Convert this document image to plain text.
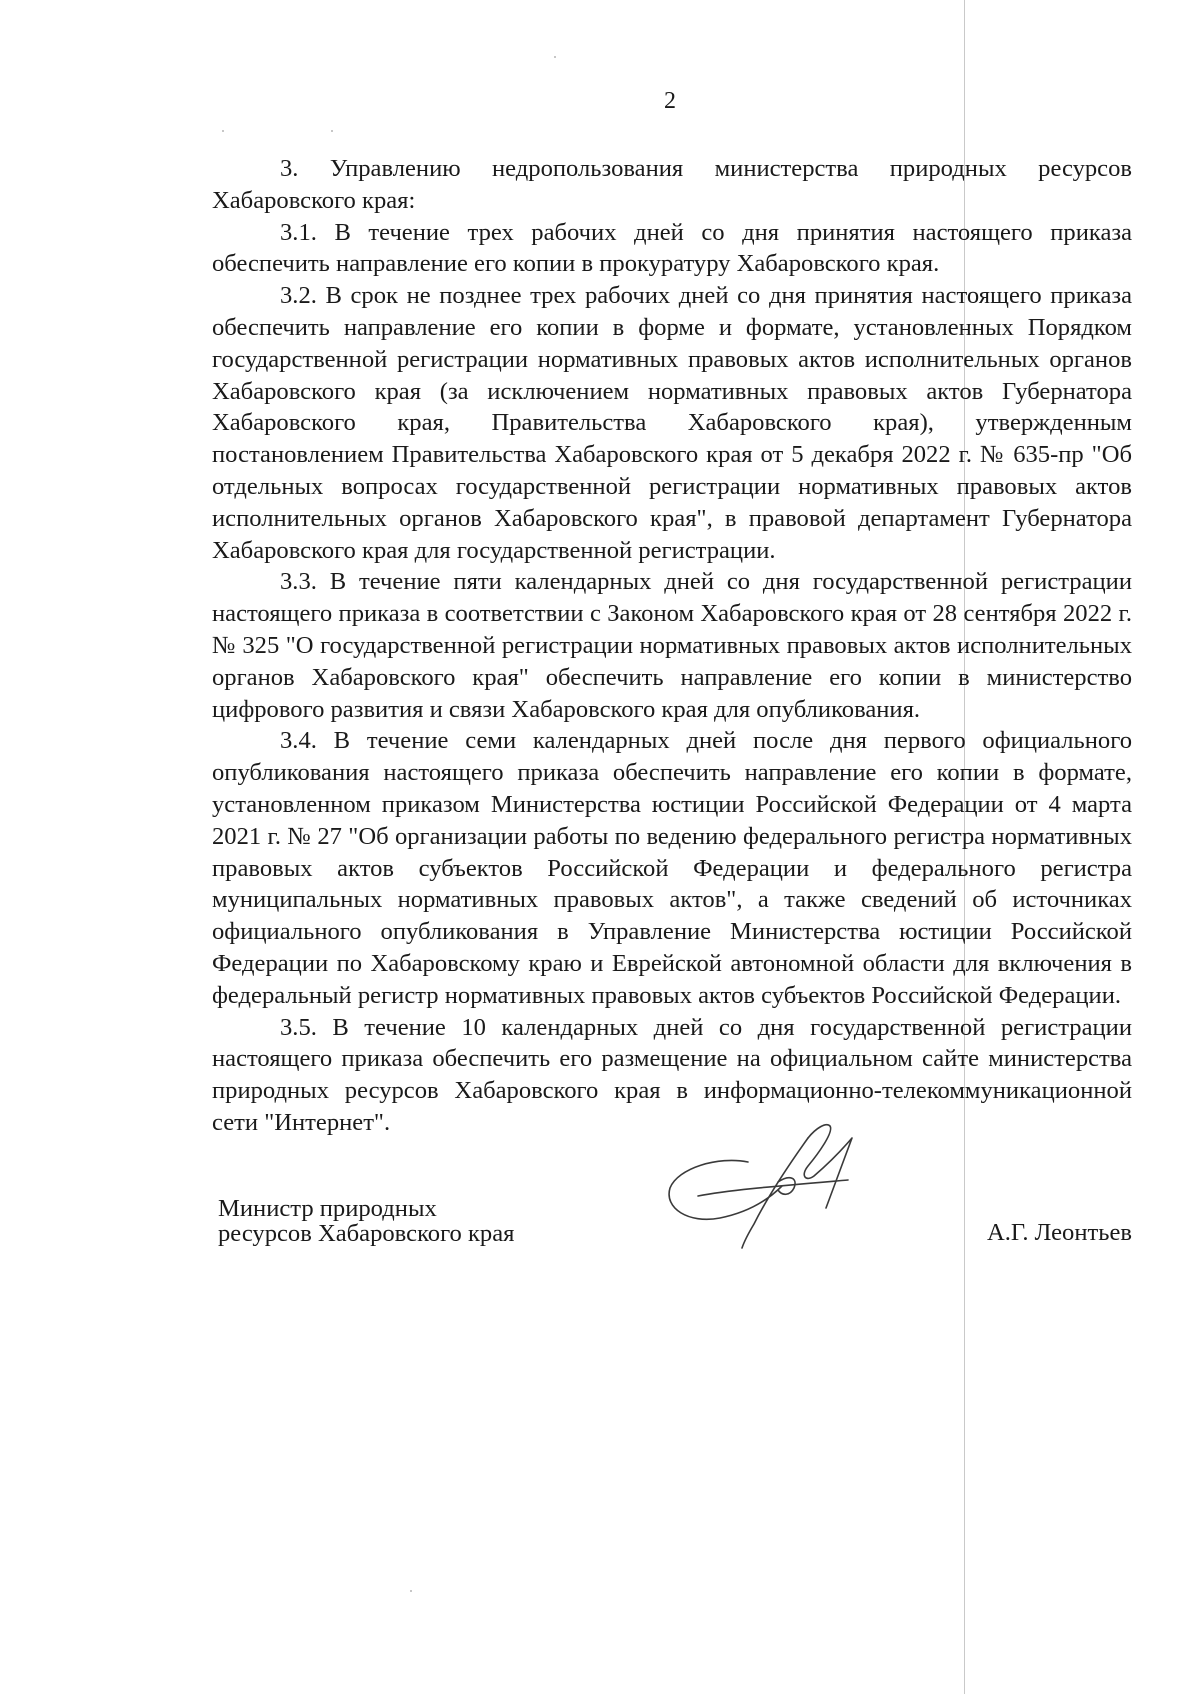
2

3. Управлению недропользования министерства природных ресурсов Хабаровского края:

3.1. В течение трех рабочих дней со дня принятия настоящего приказа обеспечить направление его копии в прокуратуру Хабаровского края.

3.2. В срок не позднее трех рабочих дней со дня принятия настоящего приказа обеспечить направление его копии в форме и формате, установленных Порядком государственной регистрации нормативных правовых актов исполнительных органов Хабаровского края (за исключением нормативных правовых актов Губернатора Хабаровского края, Правительства Хабаровского края), утвержденным постановлением Правительства Хабаровского края от 5 декабря 2022 г. № 635-пр "Об отдельных вопросах государственной регистрации нормативных правовых актов исполнительных органов Хабаровского края", в правовой департамент Губернатора Хабаровского края для государственной регистрации.

3.3. В течение пяти календарных дней со дня государственной регистрации настоящего приказа в соответствии с Законом Хабаровского края от 28 сентября 2022 г. № 325 "О государственной регистрации нормативных правовых актов исполнительных органов Хабаровского края" обеспечить направление его копии в министерство цифрового развития и связи Хабаровского края для опубликования.

3.4. В течение семи календарных дней после дня первого официального опубликования настоящего приказа обеспечить направление его копии в формате, установленном приказом Министерства юстиции Российской Федерации от 4 марта 2021 г. № 27 "Об организации работы по ведению федерального регистра нормативных правовых актов субъектов Российской Федерации и федерального регистра муниципальных нормативных правовых актов", а также сведений об источниках официального опубликования в Управление Министерства юстиции Российской Федерации по Хабаровскому краю и Еврейской автономной области для включения в федеральный регистр нормативных правовых актов субъектов Российской Федерации.

3.5. В течение 10 календарных дней со дня государственной регистрации настоящего приказа обеспечить его размещение на официальном сайте министерства природных ресурсов Хабаровского края в информационно-телекоммуникационной сети "Интернет".

Министр природных
ресурсов Хабаровского края	А.Г. Леонтьев
